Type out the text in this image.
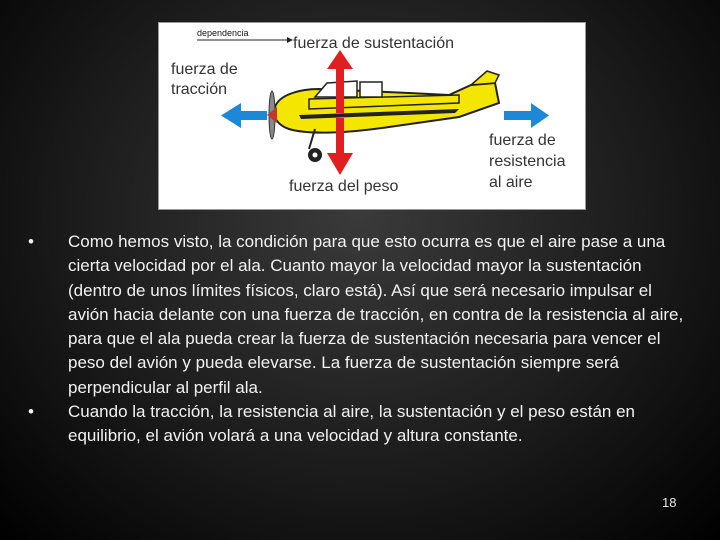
dependencia
fuerza de sustentación
fuerza de
tracción
fuerza de
resistencia
al aire
fuerza del peso
• Como hemos visto, la condición para que esto ocurra es que el aire pase a una cierta velocidad por el ala. Cuanto mayor la velocidad mayor la sustentación (dentro de unos límites físicos, claro está). Así que será necesario impulsar el avión hacia delante con una fuerza de tracción, en contra de la resistencia al aire, para que el ala pueda crear la fuerza de sustentación necesaria para vencer el peso del avión y pueda elevarse. La fuerza de sustentación siempre será perpendicular al perfil ala.
• Cuando la tracción, la resistencia al aire, la sustentación y el peso están en equilibrio, el avión volará a una velocidad y altura constante.
18
